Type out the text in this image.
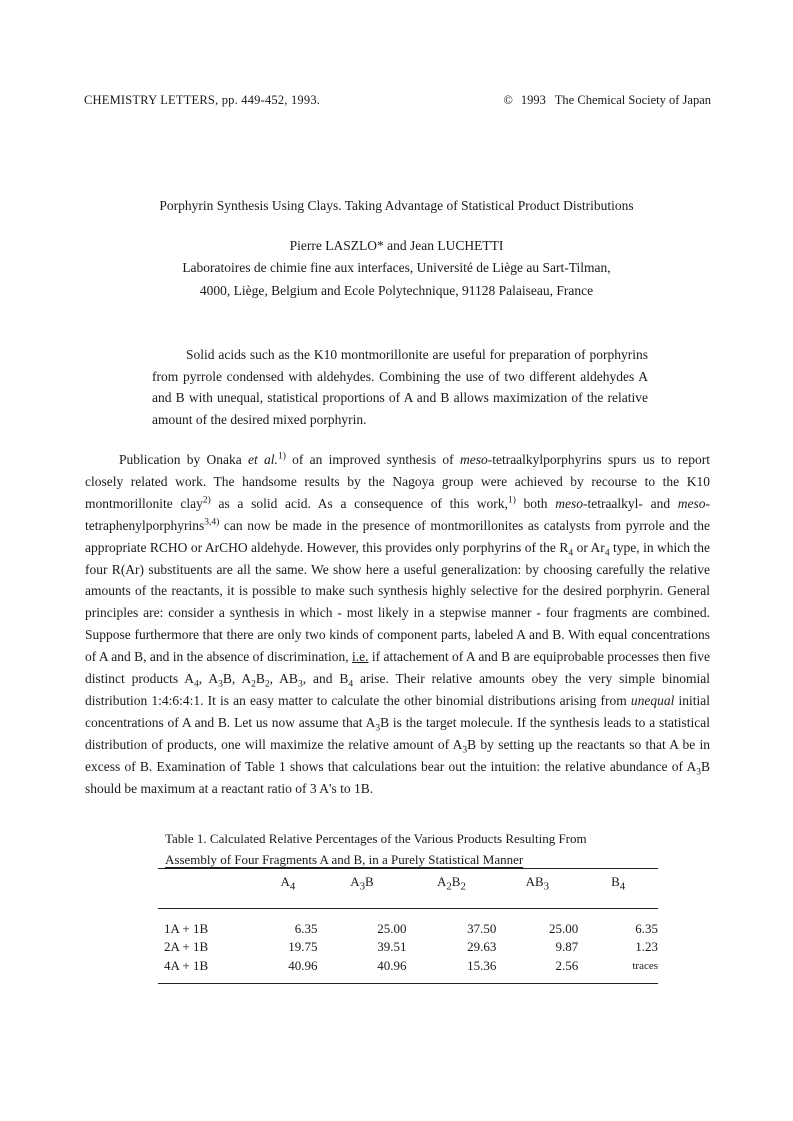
CHEMISTRY LETTERS, pp. 449-452, 1993.	© 1993 The Chemical Society of Japan
Porphyrin Synthesis Using Clays. Taking Advantage of Statistical Product Distributions
Pierre LASZLO* and Jean LUCHETTI
Laboratoires de chimie fine aux interfaces, Université de Liège au Sart-Tilman,
4000, Liège, Belgium and Ecole Polytechnique, 91128 Palaiseau, France

Solid acids such as the K10 montmorillonite are useful for preparation of porphyrins from pyrrole condensed with aldehydes. Combining the use of two different aldehydes A and B with unequal, statistical proportions of A and B allows maximization of the relative amount of the desired mixed porphyrin.

Publication by Onaka et al.$^{1)}$ of an improved synthesis of meso-tetraalkylporphyrins spurs us to report closely related work. The handsome results by the Nagoya group were achieved by recourse to the K10 montmorillonite clay$^{2)}$ as a solid acid. As a consequence of this work,$^{1)}$ both meso-tetraalkyl- and meso-tetraphenylporphyrins$^{3,4)}$ can now be made in the presence of montmorillonites as catalysts from pyrrole and the appropriate RCHO or ArCHO aldehyde. However, this provides only porphyrins of the $R_4$ or $Ar_4$ type, in which the four R(Ar) substituents are all the same. We show here a useful generalization: by choosing carefully the relative amounts of the reactants, it is possible to make such synthesis highly selective for the desired porphyrin. General principles are: consider a synthesis in which - most likely in a stepwise manner - four fragments are combined. Suppose furthermore that there are only two kinds of component parts, labeled A and B. With equal concentrations of A and B, and in the absence of discrimination, i.e. if attachement of A and B are equiprobable processes then five distinct products $A_4$, $A_3B$, $A_2B_2$, $AB_3$, and $B_4$ arise. Their relative amounts obey the very simple binomial distribution 1:4:6:4:1. It is an easy matter to calculate the other binomial distributions arising from unequal initial concentrations of A and B. Let us now assume that $A_3B$ is the target molecule. If the synthesis leads to a statistical distribution of products, one will maximize the relative amount of $A_3B$ by setting up the reactants so that A be in excess of B. Examination of Table 1 shows that calculations bear out the intuition: the relative abundance of $A_3B$ should be maximum at a reactant ratio of 3 A's to 1B.

Table 1. Calculated Relative Percentages of the Various Products Resulting From
Assembly of Four Fragments A and B, in a Purely Statistical Manner
	$A_4$	$A_3B$	$A_2B_2$	$AB_3$	$B_4$
1A + 1B	6.35	25.00	37.50	25.00	6.35
2A + 1B	19.75	39.51	29.63	9.87	1.23
4A + 1B	40.96	40.96	15.36	2.56	traces
